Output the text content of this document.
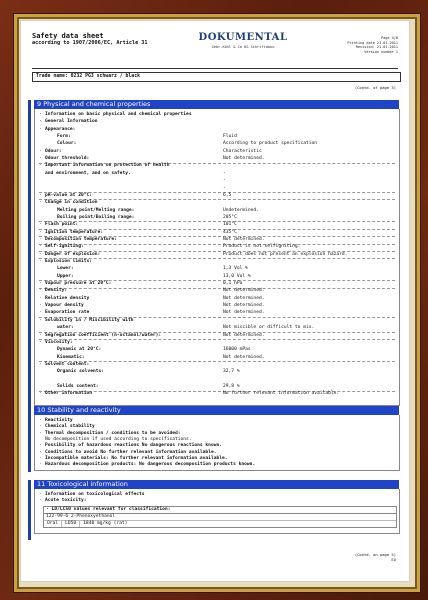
Safety data sheet
according to 1907/2006/EC, Article 31
DOKUMENTAL
Gebr.Köhl & Co KG Schriftdoku
Page 4/8
Printing date 21.01.2011
Revision: 21.01.2011
Version number 1
Trade name: 0232 PG3 schwarz / black
(Contd. of page 3)
9 Physical and chemical properties
· Information on basic physical and chemical properties
· General Information
· Appearance:
Form:	Fluid
Colour:	According to product specification
· Odour:	Characteristic
· Odour threshold:	Not determined.
· Important information on protection of health
and environment, and on safety.	-
-
-
· pH-value at 20°C:	6,5
· Change in condition
Melting point/Melting range:	Undetermined.
Boiling point/Boiling range:	205°C
· Flash point:	101°C
· Ignition temperature:	435°C
· Decomposition temperature:	Not determined.
· Self-igniting:	Product is not selfigniting.
· Danger of explosion:	Product does not present an explosion hazard.
· Explosion limits:
Lower:	1,3 Vol %
Upper:	13,0 Vol %
· Vapour pressure at 20°C:	0,1 hPa
· Density:	Not determined.
· Relative density	Not determined.
· Vapour density	Not determined.
· Evaporation rate	Not determined.
· Solubility in / Miscibility with
water:	Not miscible or difficult to mix.
· Segregation coefficient (n-octanol/water):	Not determined.
· Viscosity:
Dynamic at 20°C:	16000 mPas
Kinematic:	Not determined.
· Solvent content:
Organic solvents:	32,7 %
Solids content:	29,8 %
· Other information	No further relevant information available.
10 Stability and reactivity
· Reactivity
· Chemical stability
· Thermal decomposition / conditions to be avoided:
No decomposition if used according to specifications.
· Possibility of hazardous reactions No dangerous reactions known.
· Conditions to avoid No further relevant information available.
· Incompatible materials: No further relevant information available.
· Hazardous decomposition products: No dangerous decomposition products known.
11 Toxicological information
· Information on toxicological effects
· Acute toxicity:
· LD/LC50 values relevant for classification:
122-99-6 2-Phenoxyethanol
Oral LD50 1840 mg/kg (rat)
(Contd. on page 5)
EU
